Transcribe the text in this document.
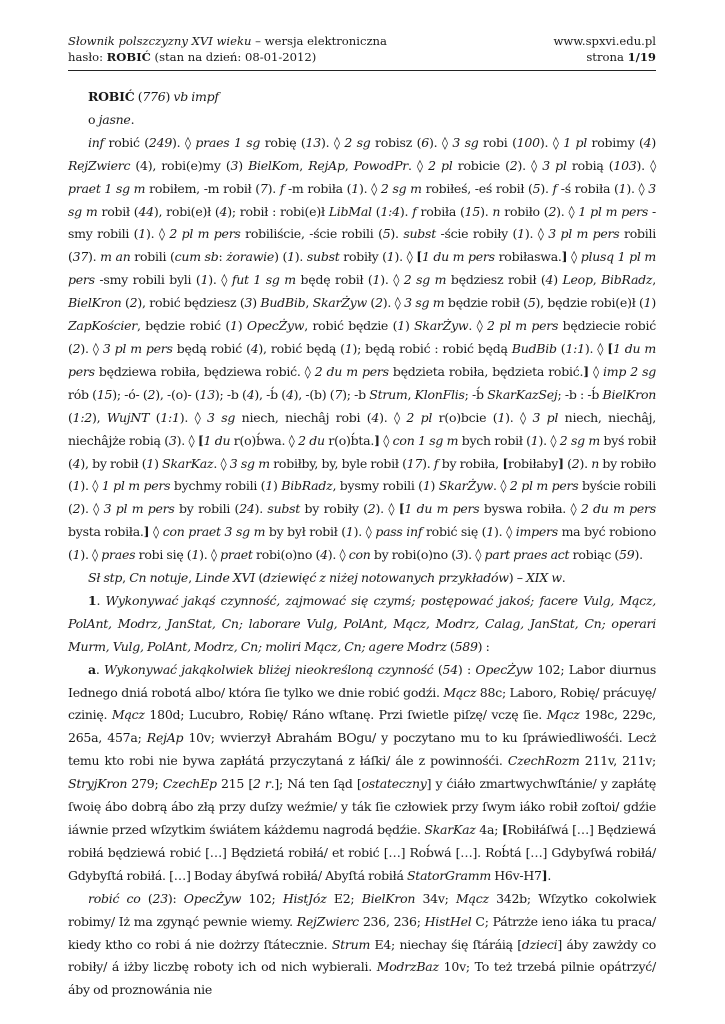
Słownik polszczyzny XVI wieku – wersja elektroniczna	www.spxvi.edu.pl
hasło: ROBIĆ (stan na dzień: 08-01-2012)	strona 1/19

ROBIĆ (776) vb impf

o jasne.

inf robić (249). ◊ praes 1 sg robię (13). ◊ 2 sg robisz (6). ◊ 3 sg robi (100). ◊ 1 pl robimy (4) RejZwierc (4), robi(e)my (3) BielKom, RejAp, PowodPr. ◊ 2 pl robicie (2). ◊ 3 pl robią (103). ◊ praet 1 sg m robiłem, -m robił (7). f -m robiła (1). ◊ 2 sg m robiłeś, -eś robił (5). f -ś robiła (1). ◊ 3 sg m robił (44), robi(e)ł (4); robił : robi(e)ł LibMal (1:4). f robiła (15). n robiło (2). ◊ 1 pl m pers -smy robili (1). ◊ 2 pl m pers robiliście, -ście robili (5). subst -ście robiły (1). ◊ 3 pl m pers robili (37). m an robili (cum sb: żorawie) (1). subst robiły (1). ◊ [1 du m pers robiłaswa.] ◊ plusq 1 pl m pers -smy robili byli (1). ◊ fut 1 sg m będę robił (1). ◊ 2 sg m będziesz robił (4) Leop, BibRadz, BielKron (2), robić będziesz (3) BudBib, SkarŻyw (2). ◊ 3 sg m będzie robił (5), będzie robi(e)ł (1) ZapKościer, będzie robić (1) OpecŻyw, robić będzie (1) SkarŻyw. ◊ 2 pl m pers będziecie robić (2). ◊ 3 pl m pers będą robić (4), robić będą (1); będą robić : robić będą BudBib (1:1). ◊ [1 du m pers będziewa robiła, będziewa robić. ◊ 2 du m pers będzieta robiła, będzieta robić.] ◊ imp 2 sg rób (15); -ó- (2), -(o)- (13); -b (4), -b́ (4), -(b) (7); -b Strum, KlonFlis; -b́ SkarKazSej; -b : -b́ BielKron (1:2), WujNT (1:1). ◊ 3 sg niech, niechâj robi (4). ◊ 2 pl r(o)bcie (1). ◊ 3 pl niech, niechâj, niechâjże robią (3). ◊ [1 du r(o)b́wa. ◊ 2 du r(o)b́ta.] ◊ con 1 sg m bych robił (1). ◊ 2 sg m byś robił (4), by robił (1) SkarKaz. ◊ 3 sg m robiłby, by, byle robił (17). f by robiła, [robiłaby] (2). n by robiło (1). ◊ 1 pl m pers bychmy robili (1) BibRadz, bysmy robili (1) SkarŻyw. ◊ 2 pl m pers byście robili (2). ◊ 3 pl m pers by robili (24). subst by robiły (2). ◊ [1 du m pers byswa robiła. ◊ 2 du m pers bysta robiła.] ◊ con praet 3 sg m by był robił (1). ◊ pass inf robić się (1). ◊ impers ma być robiono (1). ◊ praes robi się (1). ◊ praet robi(o)no (4). ◊ con by robi(o)no (3). ◊ part praes act robiąc (59).

Sł stp, Cn notuje, Linde XVI (dziewięć z niżej notowanych przykładów) – XIX w.

1. Wykonywać jakąś czynność, zajmować się czymś; postępować jakoś; facere Vulg, Mącz, PolAnt, Modrz, JanStat, Cn; laborare Vulg, PolAnt, Mącz, Modrz, Calag, JanStat, Cn; operari Murm, Vulg, PolAnt, Modrz, Cn; moliri Mącz, Cn; agere Modrz (589) :

a. Wykonywać jakąkolwiek bliżej nieokreśloną czynność (54) : OpecŻyw 102; Labor diurnus Iednego dniá robotá albo/ która ſie tylko we dnie robić godźi. Mącz 88c; Laboro, Robię/ prácuyę/ czinię. Mącz 180d; Lucubro, Robię/ Ráno wſtanę. Przi ſwietle piſzę/ vczę ſie. Mącz 198c, 229c, 265a, 457a; RejAp 10v; wvierzył Abrahám BOgu/ y poczytano mu to ku ſpráwiedliwośći. Lecż temu kto robi nie bywa zapłátá przyczytaná z łáſki/ ále z powinnośći. CzechRozm 211v, 211v; StryjKron 279; CzechEp 215 [2 r.]; Ná ten ſąd [ostateczny] y ćiáło zmartwychwſtánie/ y zapłátę ſwoię ábo dobrą ábo złą przy duſzy weźmie/ y ták ſie człowiek przy ſwym iáko robił zoſtoi/ gdźie iáwnie przed wſzytkim świátem káżdemu nagrodá będźie. SkarKaz 4a; [Robiłáſwá […] Będziewá robiłá będziewá robić […] Będzietá robiłá/ et robić […] Rob́wá […]. Rob́tá […] Gdybyſwá robiłá/ Gdybyſtá robiłá. […] Boday ábyſwá robiłá/ Abyſtá robiłá StatorGramm H6v-H7].

robić co (23): OpecŻyw 102; HistJóz E2; BielKron 34v; Mącz 342b; Wſzytko cokolwiek robimy/ Iż ma zgynąć pewnie wiemy. RejZwierc 236, 236; HistHel C; Pátrzże ieno iáka tu praca/ kiedy ktho co robi á nie dożrzy ſtátecznie. Strum E4; niechay śię ſtáráią [dzieci] áby zawżdy co robiły/ á iżby liczbę roboty ich od nich wybierali. ModrzBaz 10v; To też trzebá pilnie opátrzyć/ áby od proznowánia nie
